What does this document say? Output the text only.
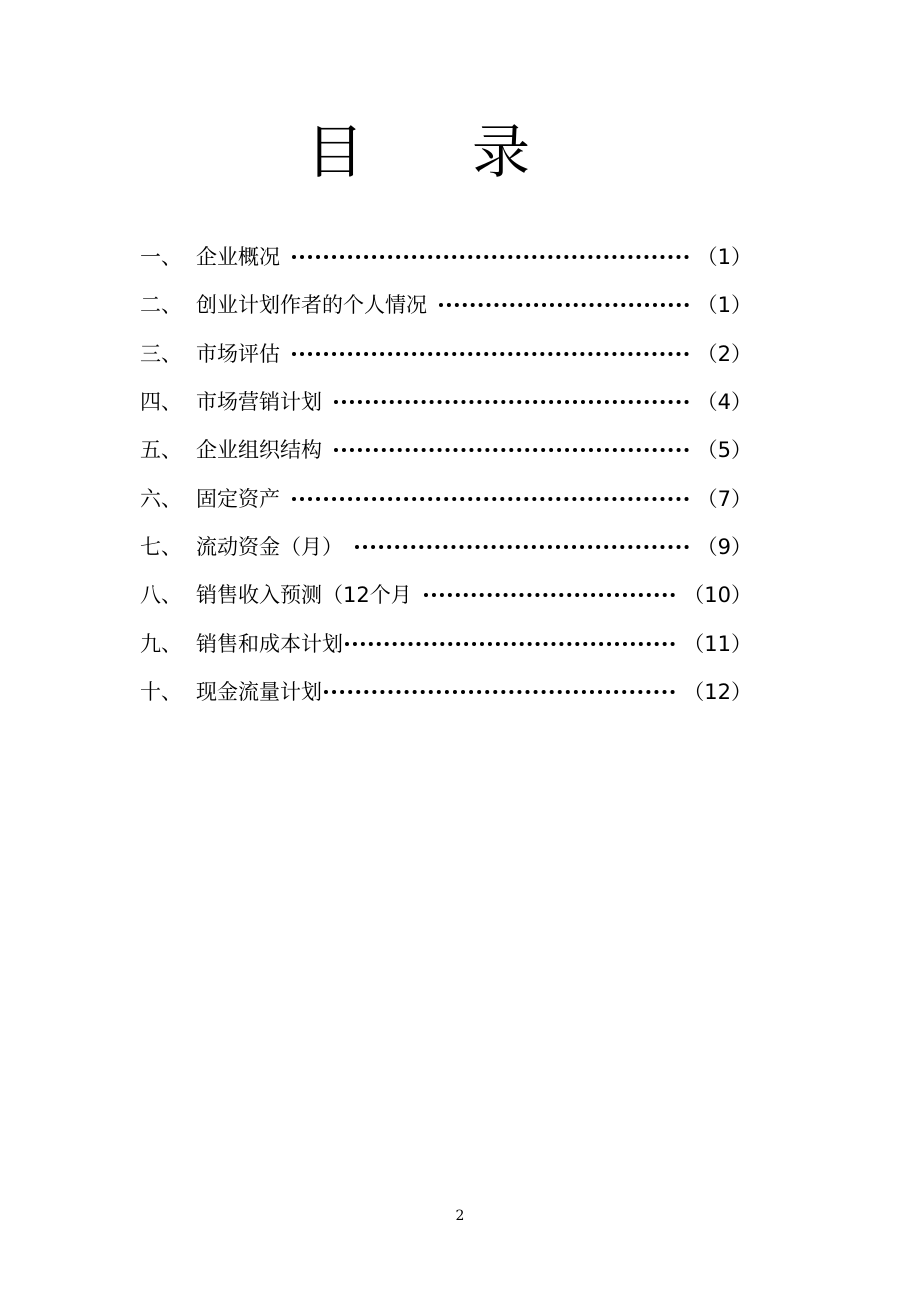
目 录
一、 企业概况	（1）
二、 创业计划作者的个人情况	（1）
三、 市场评估	（2）
四、 市场营销计划	（4）
五、 企业组织结构	（5）
六、 固定资产	（7）
七、 流动资金（月）	（9）
八、 销售收入预测（12个月	（10）
九、 销售和成本计划	（11）
十、 现金流量计划	（12）
2
